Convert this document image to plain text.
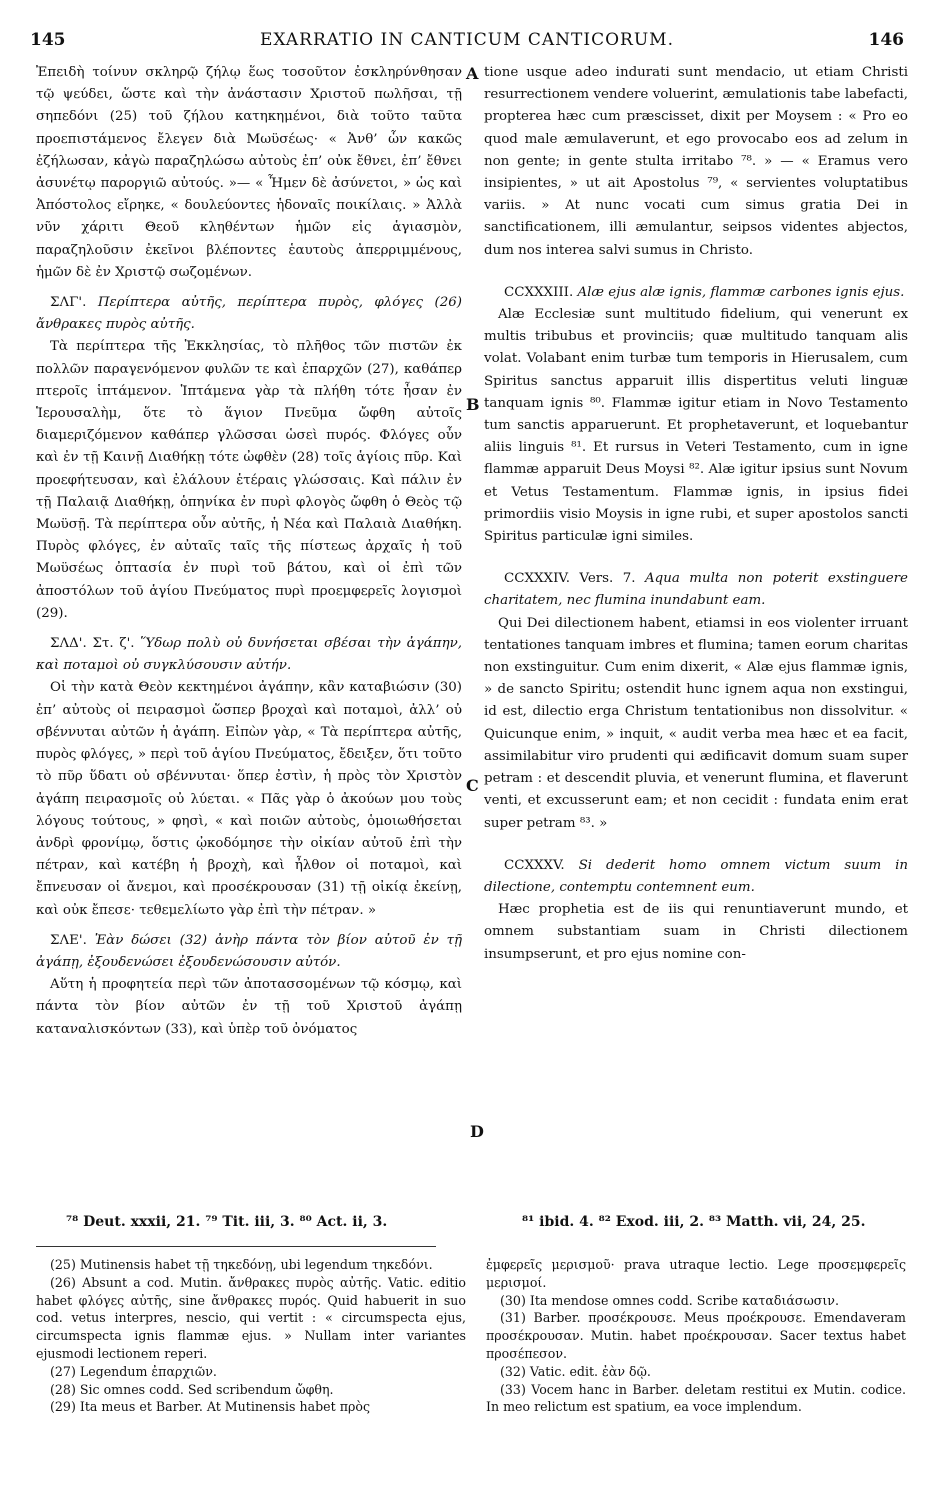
145	EXARRATIO IN CANTICUM CANTICORUM.	146
A
B
C
D

Ἐπειδὴ τοίνυν σκληρῷ ζήλῳ ἕως τοσοῦτον ἐσκληρύνθησαν τῷ ψεύδει, ὥστε καὶ τὴν ἀνάστασιν Χριστοῦ πωλῆσαι, τῇ σηπεδόνι (25) τοῦ ζήλου κατηκημένοι, διὰ τοῦτο ταῦτα προεπιστάμενος ἔλεγεν διὰ Μωϋσέως· « Ἀνθ’ ὧν κακῶς ἐζήλωσαν, κἀγὼ παραζηλώσω αὐτοὺς ἐπ’ οὐκ ἔθνει, ἐπ’ ἔθνει ἀσυνέτῳ παροργιῶ αὐτούς. »— « Ἦμεν δὲ ἀσύνετοι, » ὡς καὶ Ἀπόστολος εἴρηκε, « δουλεύοντες ἡδοναῖς ποικίλαις. » Ἀλλὰ νῦν χάριτι Θεοῦ κληθέντων ἡμῶν εἰς ἁγιασμὸν, παραζηλοῦσιν ἐκεῖνοι βλέποντες ἑαυτοὺς ἀπερριμμένους, ἡμῶν δὲ ἐν Χριστῷ σωζομένων.

ΣΛΓ'. Περίπτερα αὐτῆς, περίπτερα πυρὸς, φλόγες (26) ἄνθρακες πυρὸς αὐτῆς.

Τὰ περίπτερα τῆς Ἐκκλησίας, τὸ πλῆθος τῶν πιστῶν ἐκ πολλῶν παραγενόμενον φυλῶν τε καὶ ἐπαρχῶν (27), καθάπερ πτεροῖς ἱπτάμενον. Ἱπτάμενα γὰρ τὰ πλήθη τότε ἦσαν ἐν Ἱερουσαλὴμ, ὅτε τὸ ἅγιον Πνεῦμα ὤφθη αὐτοῖς διαμεριζόμενον καθάπερ γλῶσσαι ὡσεὶ πυρός. Φλόγες οὖν καὶ ἐν τῇ Καινῇ Διαθήκῃ τότε ὠφθὲν (28) τοῖς ἁγίοις πῦρ. Καὶ προεφήτευσαν, καὶ ἐλάλουν ἑτέραις γλώσσαις. Καὶ πάλιν ἐν τῇ Παλαιᾷ Διαθήκῃ, ὁπηνίκα ἐν πυρὶ φλογὸς ὤφθη ὁ Θεὸς τῷ Μωϋσῇ. Τὰ περίπτερα οὖν αὐτῆς, ἡ Νέα καὶ Παλαιὰ Διαθήκη. Πυρὸς φλόγες, ἐν αὐταῖς ταῖς τῆς πίστεως ἀρχαῖς ἡ τοῦ Μωϋσέως ὀπτασία ἐν πυρὶ τοῦ βάτου, καὶ οἱ ἐπὶ τῶν ἀποστόλων τοῦ ἁγίου Πνεύματος πυρὶ προεμφερεῖς λογισμοὶ (29).

ΣΛΔ'. Στ. ζ'. Ὕδωρ πολὺ οὐ δυνήσεται σβέσαι τὴν ἀγάπην, καὶ ποταμοὶ οὐ συγκλύσουσιν αὐτήν.

Οἱ τὴν κατὰ Θεὸν κεκτημένοι ἀγάπην, κἂν καταβιώσιν (30) ἐπ’ αὐτοὺς οἱ πειρασμοὶ ὥσπερ βροχαὶ καὶ ποταμοὶ, ἀλλ’ οὐ σβέννυται αὐτῶν ἡ ἀγάπη. Εἰπὼν γὰρ, « Τὰ περίπτερα αὐτῆς, πυρὸς φλόγες, » περὶ τοῦ ἁγίου Πνεύματος, ἔδειξεν, ὅτι τοῦτο τὸ πῦρ ὕδατι οὐ σβέννυται· ὅπερ ἐστὶν, ἡ πρὸς τὸν Χριστὸν ἀγάπη πειρασμοῖς οὐ λύεται. « Πᾶς γὰρ ὁ ἀκούων μου τοὺς λόγους τούτους, » φησὶ, « καὶ ποιῶν αὐτοὺς, ὁμοιωθήσεται ἀνδρὶ φρονίμῳ, ὅστις ᾠκοδόμησε τὴν οἰκίαν αὐτοῦ ἐπὶ τὴν πέτραν, καὶ κατέβη ἡ βροχὴ, καὶ ἦλθον οἱ ποταμοὶ, καὶ ἔπνευσαν οἱ ἄνεμοι, καὶ προσέκρουσαν (31) τῇ οἰκίᾳ ἐκείνῃ, καὶ οὐκ ἔπεσε· τεθεμελίωτο γὰρ ἐπὶ τὴν πέτραν. »

ΣΛΕ'. Ἐὰν δώσει (32) ἀνὴρ πάντα τὸν βίον αὐτοῦ ἐν τῇ ἀγάπῃ, ἐξουδενώσει ἐξουδενώσουσιν αὐτόν.

Αὕτη ἡ προφητεία περὶ τῶν ἀποτασσομένων τῷ κόσμῳ, καὶ πάντα τὸν βίον αὐτῶν ἐν τῇ τοῦ Χριστοῦ ἀγάπῃ καταναλισκόντων (33), καὶ ὑπὲρ τοῦ ὀνόματος

tione usque adeo indurati sunt mendacio, ut etiam Christi resurrectionem vendere voluerint, æmulationis tabe labefacti, propterea hæc cum præscisset, dixit per Moysem : « Pro eo quod male æmulaverunt, et ego provocabo eos ad zelum in non gente; in gente stulta irritabo ⁷⁸. » — « Eramus vero insipientes, » ut ait Apostolus ⁷⁹, « servientes voluptatibus variis. » At nunc vocati cum simus gratia Dei in sanctificationem, illi æmulantur, seipsos videntes abjectos, dum nos interea salvi sumus in Christo.

CCXXXIII. Alæ ejus alæ ignis, flammæ carbones ignis ejus.

Alæ Ecclesiæ sunt multitudo fidelium, qui venerunt ex multis tribubus et provinciis; quæ multitudo tanquam alis volat. Volabant enim turbæ tum temporis in Hierusalem, cum Spiritus sanctus apparuit illis dispertitus veluti linguæ tanquam ignis ⁸⁰. Flammæ igitur etiam in Novo Testamento tum sanctis apparuerunt. Et prophetaverunt, et loquebantur aliis linguis ⁸¹. Et rursus in Veteri Testamento, cum in igne flammæ apparuit Deus Moysi ⁸². Alæ igitur ipsius sunt Novum et Vetus Testamentum. Flammæ ignis, in ipsius fidei primordiis visio Moysis in igne rubi, et super apostolos sancti Spiritus particulæ igni similes.

CCXXXIV. Vers. 7. Aqua multa non poterit exstinguere charitatem, nec flumina inundabunt eam.

Qui Dei dilectionem habent, etiamsi in eos violenter irruant tentationes tanquam imbres et flumina; tamen eorum charitas non exstinguitur. Cum enim dixerit, « Alæ ejus flammæ ignis, » de sancto Spiritu; ostendit hunc ignem aqua non exstingui, id est, dilectio erga Christum tentationibus non dissolvitur. « Quicunque enim, » inquit, « audit verba mea hæc et ea facit, assimilabitur viro prudenti qui ædificavit domum suam super petram : et descendit pluvia, et venerunt flumina, et flaverunt venti, et excusserunt eam; et non cecidit : fundata enim erat super petram ⁸³. »

CCXXXV. Si dederit homo omnem victum suum in dilectione, contemptu contemnent eum.

Hæc prophetia est de iis qui renuntiaverunt mundo, et omnem substantiam suam in Christi dilectionem insumpserunt, et pro ejus nomine con-

⁷⁸ Deut. xxxii, 21. ⁷⁹ Tit. iii, 3. ⁸⁰ Act. ii, 3.	⁸¹ ibid. 4. ⁸² Exod. iii, 2. ⁸³ Matth. vii, 24, 25.

(25) Mutinensis habet τῇ τηκεδόνῃ, ubi legendum τηκεδόνι.

(26) Absunt a cod. Mutin. ἄνθρακες πυρὸς αὐτῆς. Vatic. editio habet φλόγες αὐτῆς, sine ἄνθρακες πυρός. Quid habuerit in suo cod. vetus interpres, nescio, qui vertit : « circumspecta ejus, circumspecta ignis flammæ ejus. » Nullam inter variantes ejusmodi lectionem reperi.

(27) Legendum ἐπαρχιῶν.

(28) Sic omnes codd. Sed scribendum ὤφθη.

(29) Ita meus et Barber. At Mutinensis habet πρὸς

ἐμφερεῖς μερισμοῦ· prava utraque lectio. Lege προσεμφερεῖς μερισμοί.

(30) Ita mendose omnes codd. Scribe καταδιάσωσιν.

(31) Barber. προσέκρουσε. Meus προέκρουσε. Emendaveram προσέκρουσαν. Mutin. habet προέκρουσαν. Sacer textus habet προσέπεσον.

(32) Vatic. edit. ἐὰν δῷ.

(33) Vocem hanc in Barber. deletam restitui ex Mutin. codice. In meo relictum est spatium, ea voce implendum.
